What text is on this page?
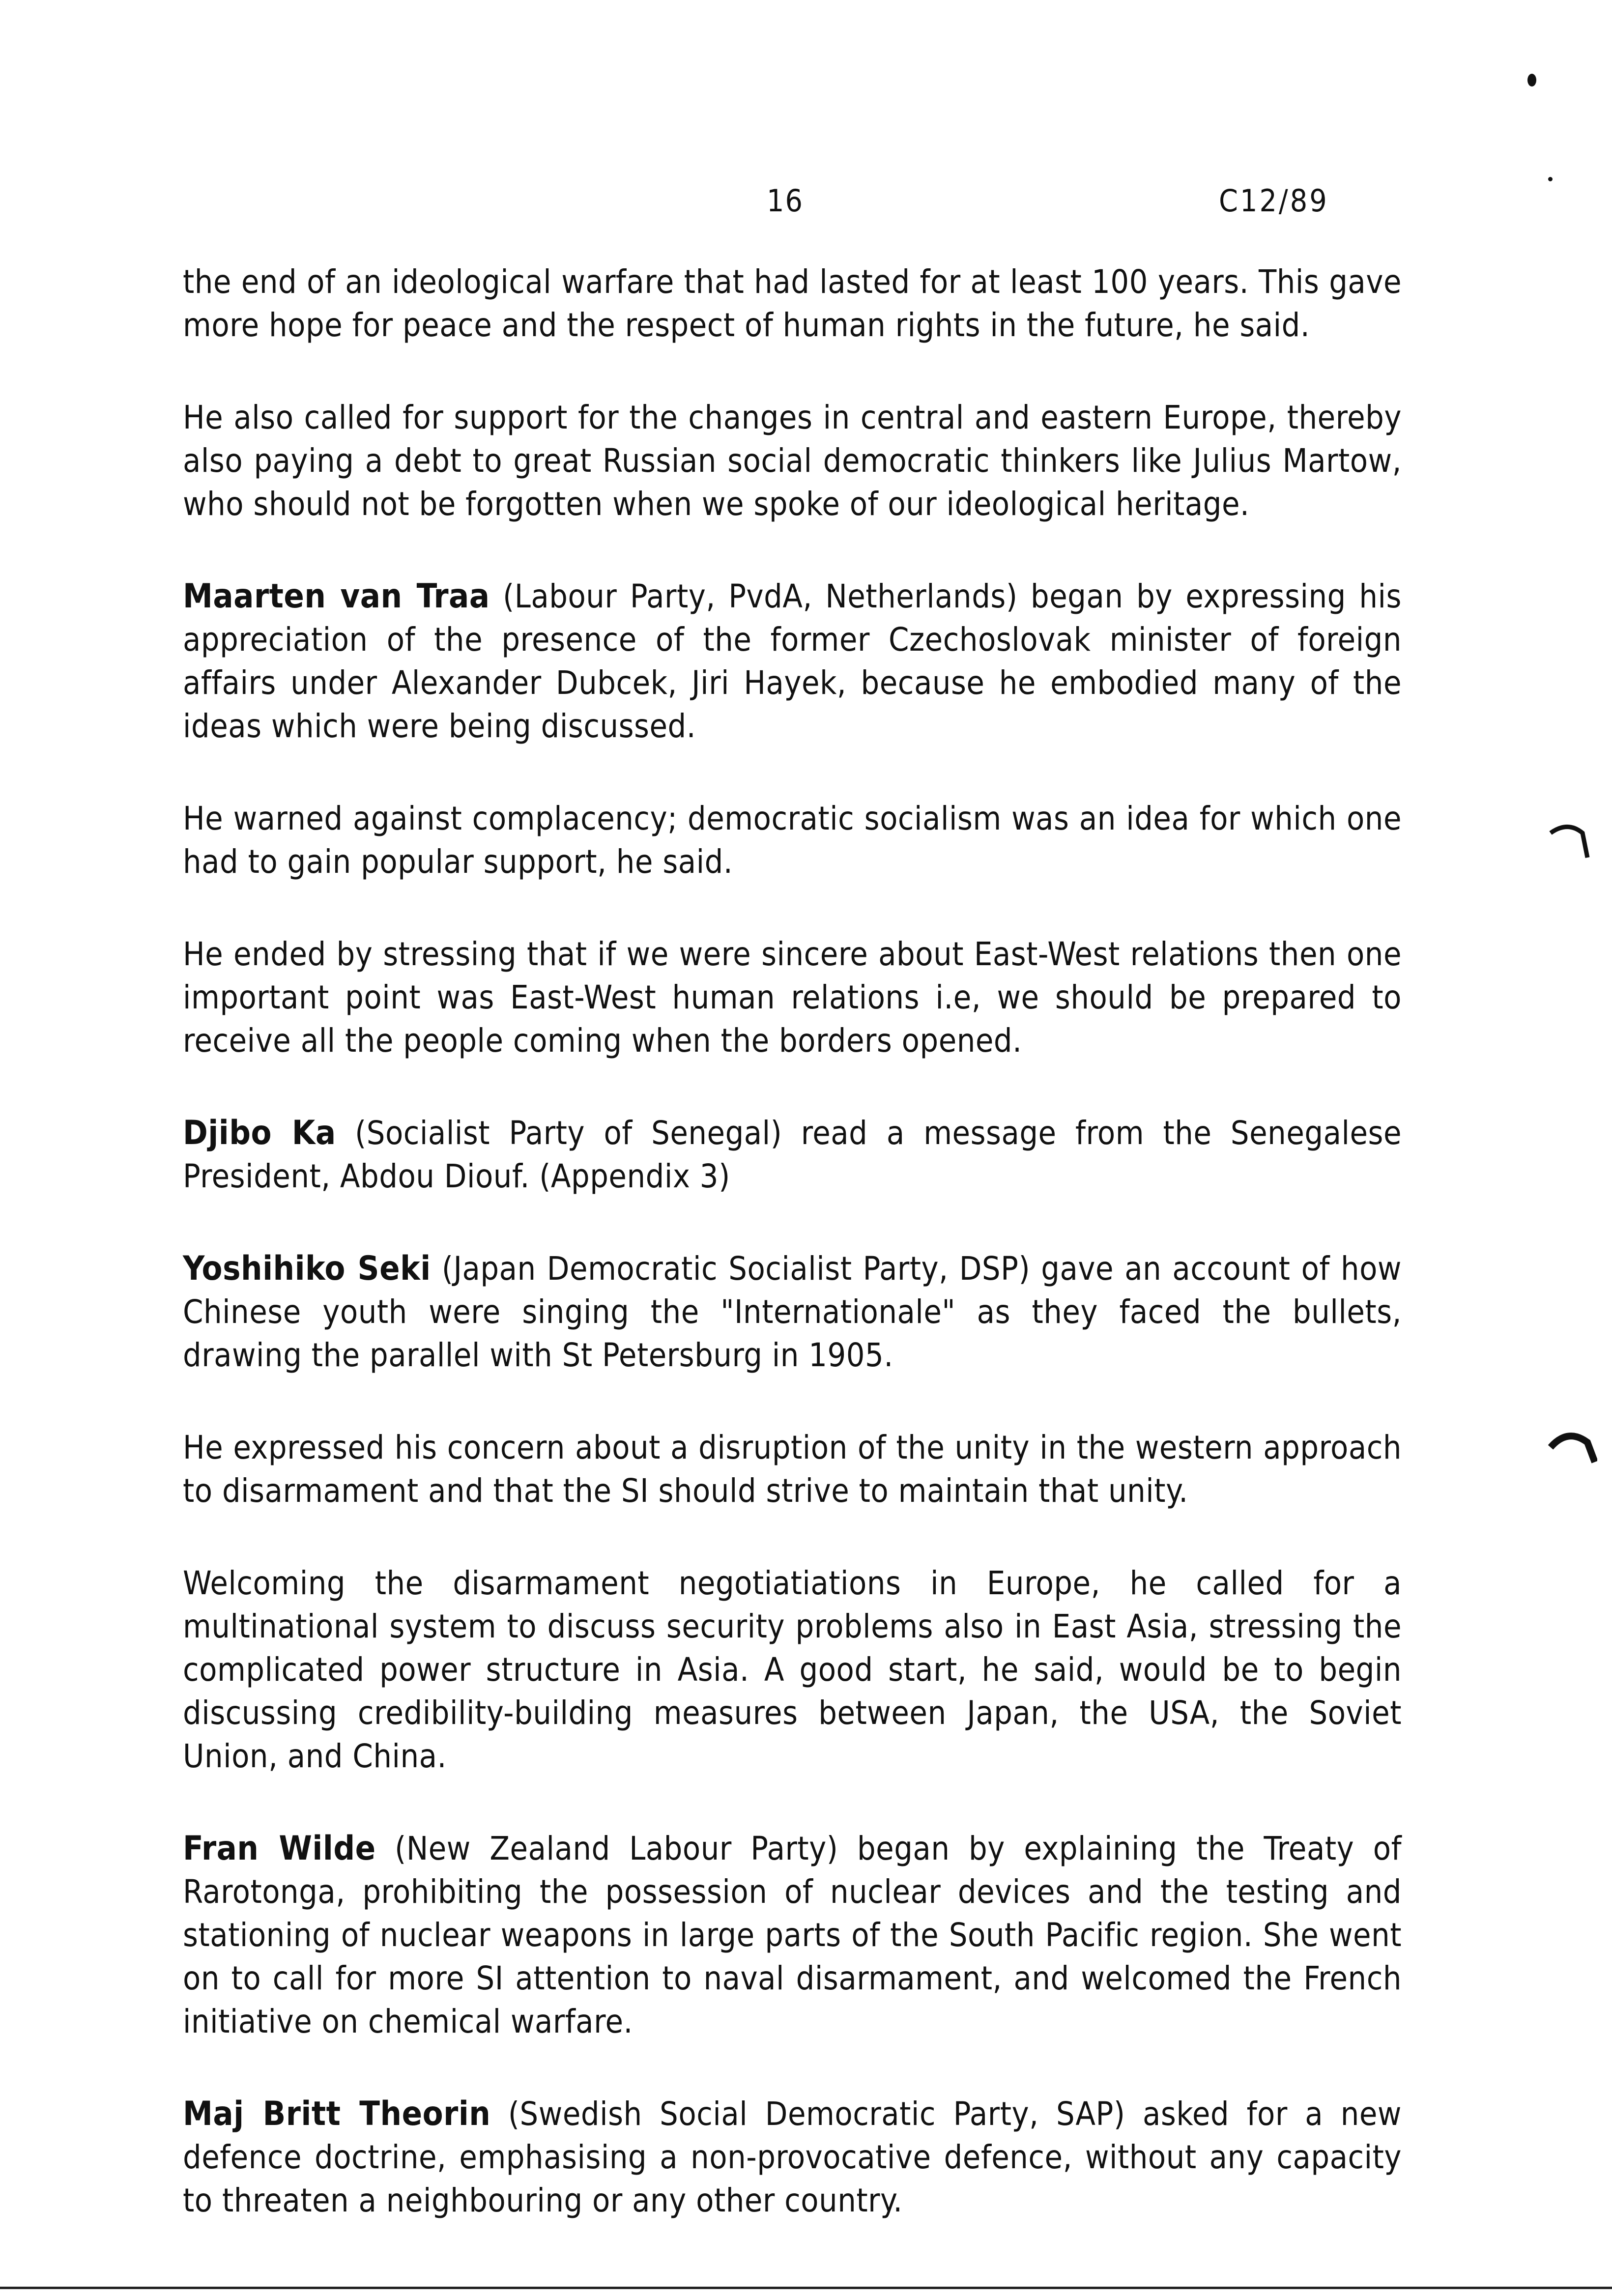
16	C12/89

the end of an ideological warfare that had lasted for at least 100 years. This gave more hope for peace and the respect of human rights in the future, he said.

He also called for support for the changes in central and eastern Europe, thereby also paying a debt to great Russian social democratic thinkers like Julius Martow, who should not be forgotten when we spoke of our ideological heritage.

Maarten van Traa (Labour Party, PvdA, Netherlands) began by expressing his appreciation of the presence of the former Czechoslovak minister of foreign affairs under Alexander Dubcek, Jiri Hayek, because he embodied many of the ideas which were being discussed.

He warned against complacency; democratic socialism was an idea for which one had to gain popular support, he said.

He ended by stressing that if we were sincere about East-West relations then one important point was East-West human relations i.e, we should be prepared to receive all the people coming when the borders opened.

Djibo Ka (Socialist Party of Senegal) read a message from the Senegalese President, Abdou Diouf. (Appendix 3)

Yoshihiko Seki (Japan Democratic Socialist Party, DSP) gave an account of how Chinese youth were singing the "Internationale" as they faced the bullets, drawing the parallel with St Petersburg in 1905.

He expressed his concern about a disruption of the unity in the western approach to disarmament and that the SI should strive to maintain that unity.

Welcoming the disarmament negotiatiations in Europe, he called for a multinational system to discuss security problems also in East Asia, stressing the complicated power structure in Asia. A good start, he said, would be to begin discussing credibility-building measures between Japan, the USA, the Soviet Union, and China.

Fran Wilde (New Zealand Labour Party) began by explaining the Treaty of Rarotonga, prohibiting the possession of nuclear devices and the testing and stationing of nuclear weapons in large parts of the South Pacific region. She went on to call for more SI attention to naval disarmament, and welcomed the French initiative on chemical warfare.

Maj Britt Theorin (Swedish Social Democratic Party, SAP) asked for a new defence doctrine, emphasising a non-provocative defence, without any capacity to threaten a neighbouring or any other country.
